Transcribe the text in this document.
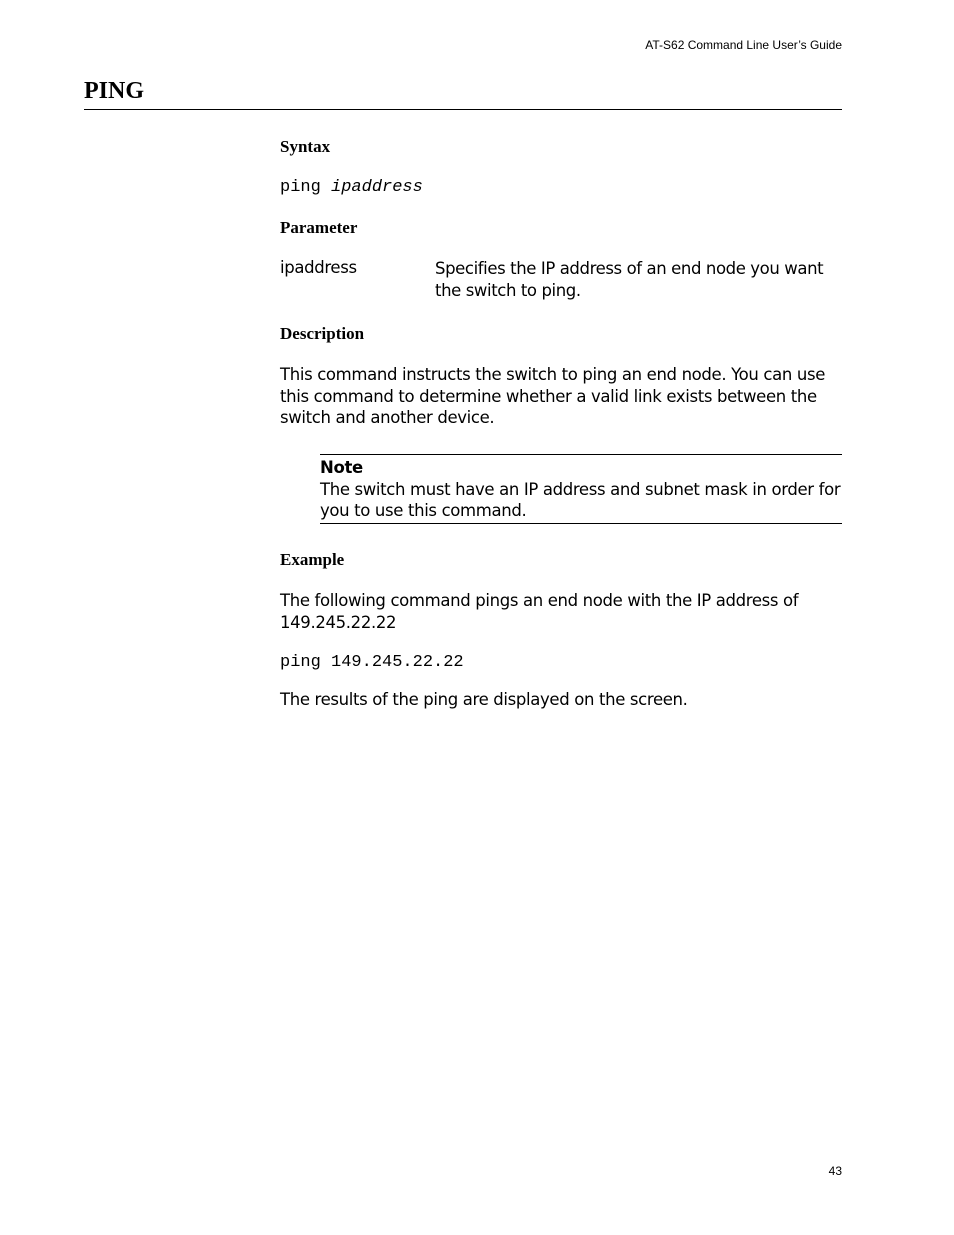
AT-S62 Command Line User’s Guide
PING
Syntax
ping ipaddress
Parameter
ipaddress	Specifies the IP address of an end node you want the switch to ping.

Description

This command instructs the switch to ping an end node. You can use this command to determine whether a valid link exists between the switch and another device.

Note

The switch must have an IP address and subnet mask in order for you to use this command.

Example

The following command pings an end node with the IP address of 149.245.22.22

ping 149.245.22.22

The results of the ping are displayed on the screen.

43
